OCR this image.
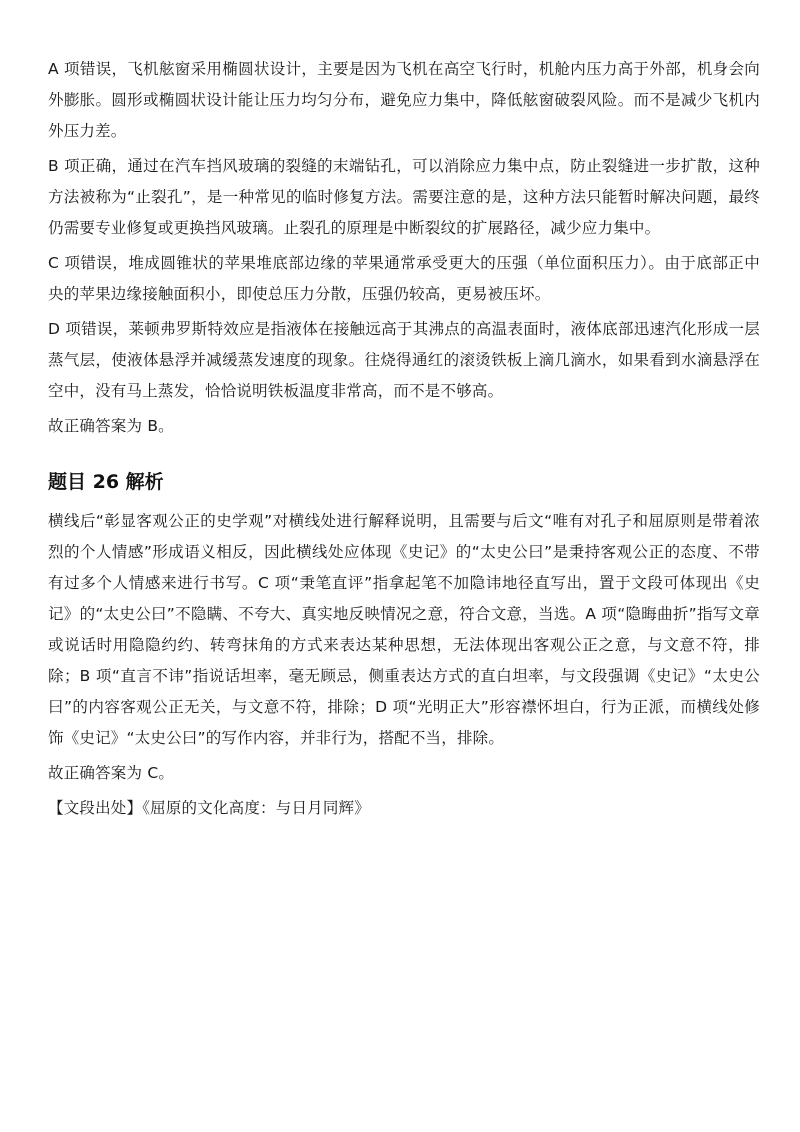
A 项错误，飞机舷窗采用椭圆状设计，主要是因为飞机在高空飞行时，机舱内压力高于外部，机身会向外膨胀。圆形或椭圆状设计能让压力均匀分布，避免应力集中，降低舷窗破裂风险。而不是减少飞机内外压力差。

B 项正确，通过在汽车挡风玻璃的裂缝的末端钻孔，可以消除应力集中点，防止裂缝进一步扩散，这种方法被称为“止裂孔”，是一种常见的临时修复方法。需要注意的是，这种方法只能暂时解决问题，最终仍需要专业修复或更换挡风玻璃。止裂孔的原理是中断裂纹的扩展路径，减少应力集中。

C 项错误，堆成圆锥状的苹果堆底部边缘的苹果通常承受更大的压强（单位面积压力）。由于底部正中央的苹果边缘接触面积小，即使总压力分散，压强仍较高，更易被压坏。

D 项错误，莱顿弗罗斯特效应是指液体在接触远高于其沸点的高温表面时，液体底部迅速汽化形成一层蒸气层，使液体悬浮并减缓蒸发速度的现象。往烧得通红的滚烫铁板上滴几滴水，如果看到水滴悬浮在空中，没有马上蒸发，恰恰说明铁板温度非常高，而不是不够高。

故正确答案为 B。

题目 26 解析

横线后“彰显客观公正的史学观”对横线处进行解释说明，且需要与后文“唯有对孔子和屈原则是带着浓烈的个人情感”形成语义相反，因此横线处应体现《史记》的“太史公曰”是秉持客观公正的态度、不带有过多个人情感来进行书写。C 项“秉笔直评”指拿起笔不加隐讳地径直写出，置于文段可体现出《史记》的“太史公曰”不隐瞒、不夸大、真实地反映情况之意，符合文意，当选。A 项“隐晦曲折”指写文章或说话时用隐隐约约、转弯抹角的方式来表达某种思想，无法体现出客观公正之意，与文意不符，排除；B 项“直言不讳”指说话坦率，毫无顾忌，侧重表达方式的直白坦率，与文段强调《史记》“太史公曰”的内容客观公正无关，与文意不符，排除；D 项“光明正大”形容襟怀坦白，行为正派，而横线处修饰《史记》“太史公曰”的写作内容，并非行为，搭配不当，排除。

故正确答案为 C。

【文段出处】《屈原的文化高度：与日月同辉》
